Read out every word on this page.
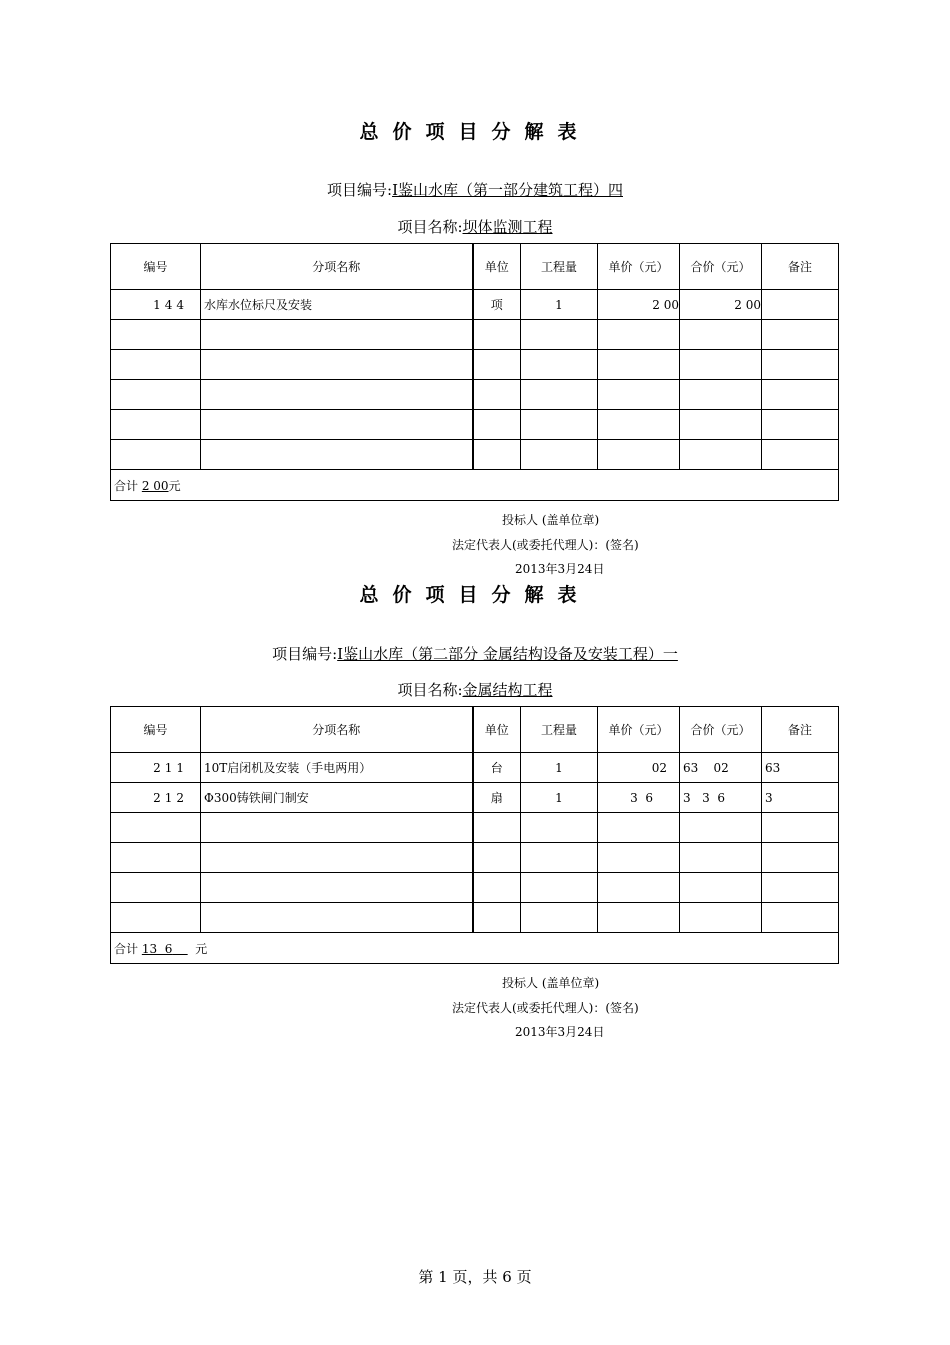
总价项目分解表
项目编号:I鉴山水库（第一部分建筑工程）四
项目名称:坝体监测工程
编号	分项名称	单位	工程量	单价（元）	合价（元）	备注
144	水库水位标尺及安装	项	1	2 00	2 00	

合计 2 00元						
投标人 (盖单位章)
法定代表人(或委托代理人)：(签名)
2013年3月24日
总价项目分解表
项目编号:I鉴山水库（第二部分 金属结构设备及安装工程）一
项目名称:金属结构工程
编号	分项名称	单位	工程量	单价（元）	合价（元）	备注
211	10T启闭机及安装（手电两用）	台	1	02	63    02	63
212	Φ300铸铁闸门制安	扇	1	3  6	3   3  6	3

合计 13  6 元						
投标人 (盖单位章)
法定代表人(或委托代理人)：(签名)
2013年3月24日
第 1 页，共 6 页
